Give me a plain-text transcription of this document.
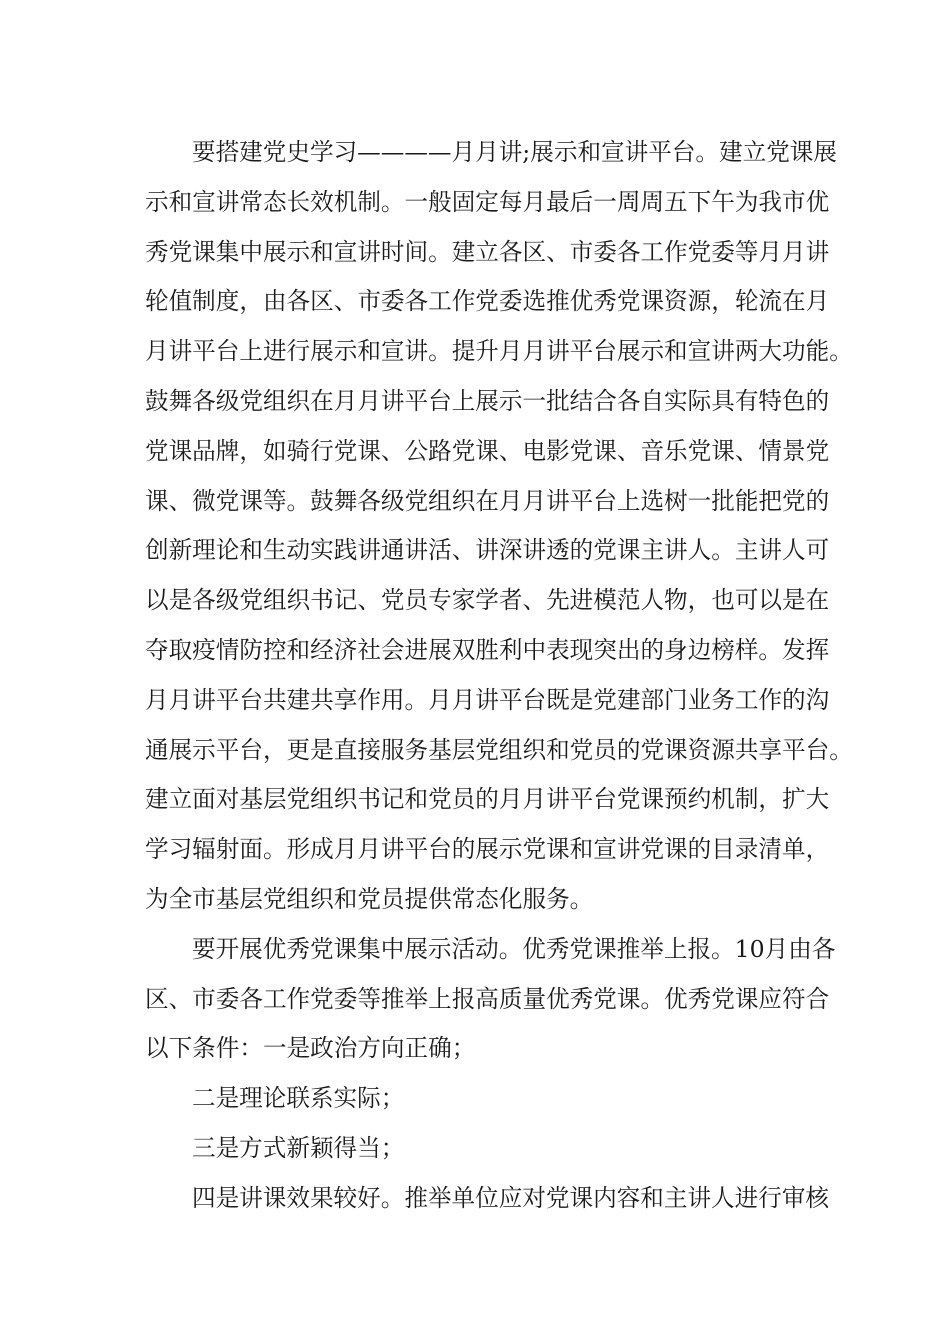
要搭建党史学习————月月讲;展示和宣讲平台。建立党课展
示和宣讲常态长效机制。一般固定每月最后一周周五下午为我市优
秀党课集中展示和宣讲时间。建立各区、市委各工作党委等月月讲
轮值制度，由各区、市委各工作党委选推优秀党课资源，轮流在月
月讲平台上进行展示和宣讲。提升月月讲平台展示和宣讲两大功能。
鼓舞各级党组织在月月讲平台上展示一批结合各自实际具有特色的
党课品牌，如骑行党课、公路党课、电影党课、音乐党课、情景党
课、微党课等。鼓舞各级党组织在月月讲平台上选树一批能把党的
创新理论和生动实践讲通讲活、讲深讲透的党课主讲人。主讲人可
以是各级党组织书记、党员专家学者、先进模范人物，也可以是在
夺取疫情防控和经济社会进展双胜利中表现突出的身边榜样。发挥
月月讲平台共建共享作用。月月讲平台既是党建部门业务工作的沟
通展示平台，更是直接服务基层党组织和党员的党课资源共享平台。
建立面对基层党组织书记和党员的月月讲平台党课预约机制，扩大
学习辐射面。形成月月讲平台的展示党课和宣讲党课的目录清单，
为全市基层党组织和党员提供常态化服务。
要开展优秀党课集中展示活动。优秀党课推举上报。10月由各
区、市委各工作党委等推举上报高质量优秀党课。优秀党课应符合
以下条件：一是政治方向正确；
二是理论联系实际；
三是方式新颖得当；
四是讲课效果较好。推举单位应对党课内容和主讲人进行审核
